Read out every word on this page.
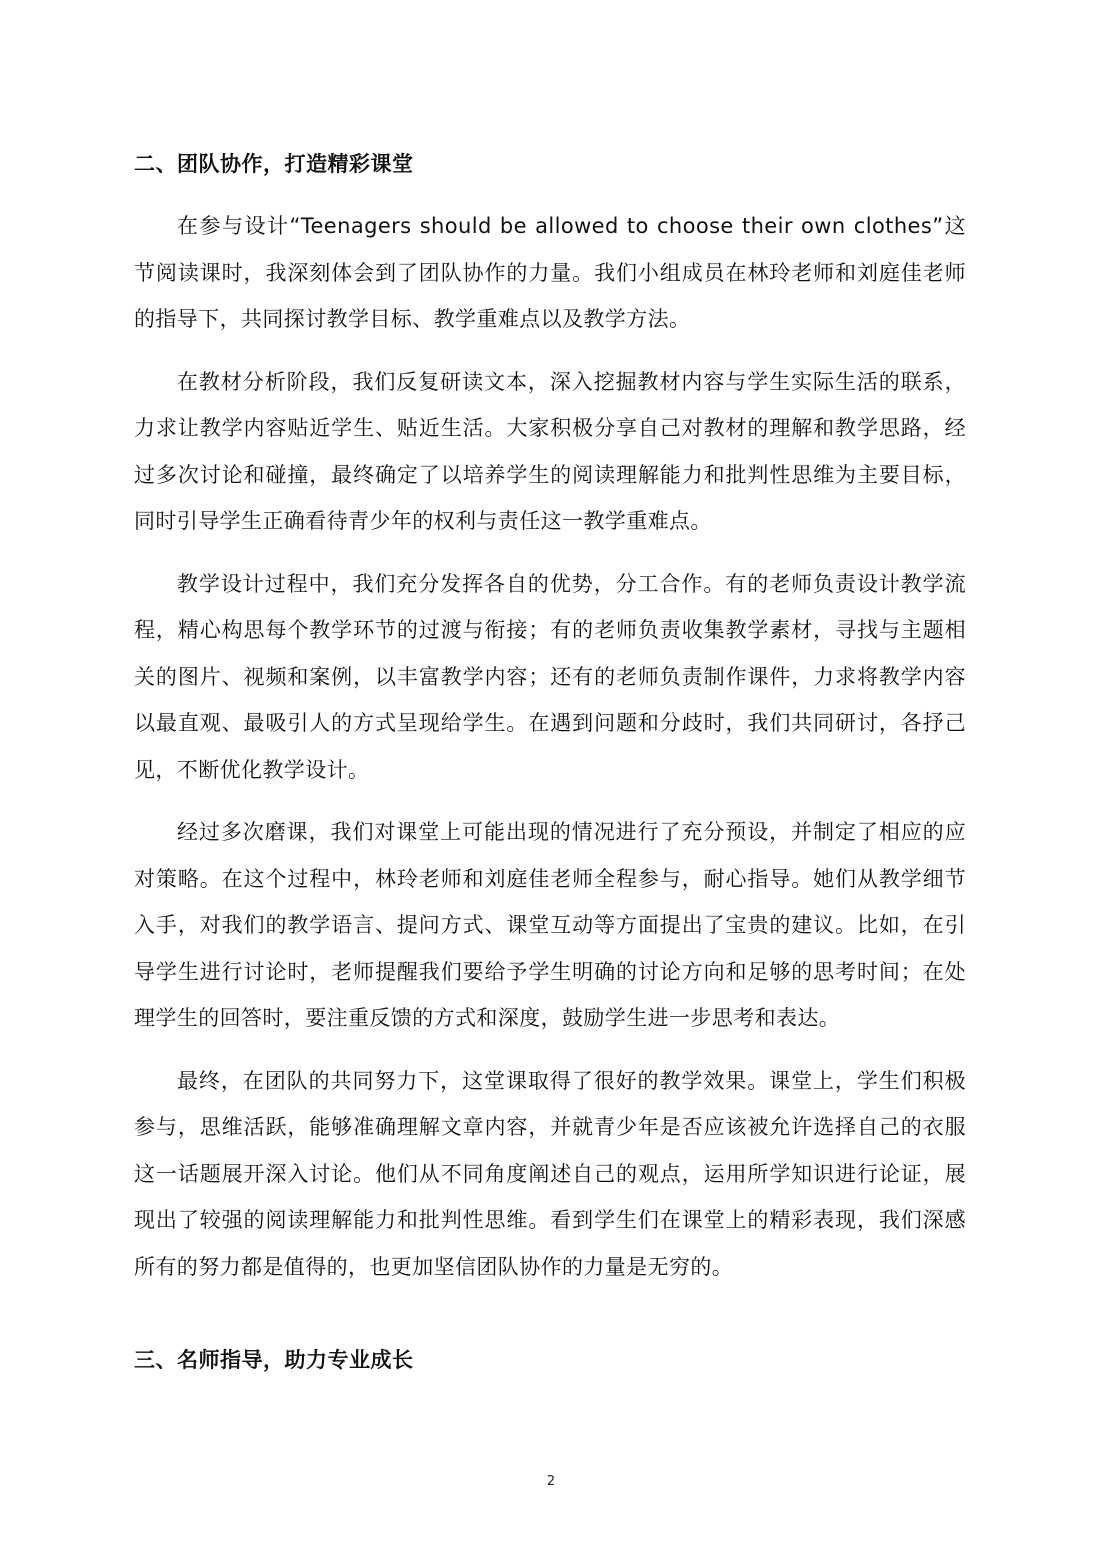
二、团队协作，打造精彩课堂

在参与设计“Teenagers should be allowed to choose their own clothes”这节阅读课时，我深刻体会到了团队协作的力量。我们小组成员在林玲老师和刘庭佳老师的指导下，共同探讨教学目标、教学重难点以及教学方法。

在教材分析阶段，我们反复研读文本，深入挖掘教材内容与学生实际生活的联系，力求让教学内容贴近学生、贴近生活。大家积极分享自己对教材的理解和教学思路，经过多次讨论和碰撞，最终确定了以培养学生的阅读理解能力和批判性思维为主要目标，同时引导学生正确看待青少年的权利与责任这一教学重难点。

教学设计过程中，我们充分发挥各自的优势，分工合作。有的老师负责设计教学流程，精心构思每个教学环节的过渡与衔接；有的老师负责收集教学素材，寻找与主题相关的图片、视频和案例，以丰富教学内容；还有的老师负责制作课件，力求将教学内容以最直观、最吸引人的方式呈现给学生。在遇到问题和分歧时，我们共同研讨，各抒己见，不断优化教学设计。

经过多次磨课，我们对课堂上可能出现的情况进行了充分预设，并制定了相应的应对策略。在这个过程中，林玲老师和刘庭佳老师全程参与，耐心指导。她们从教学细节入手，对我们的教学语言、提问方式、课堂互动等方面提出了宝贵的建议。比如，在引导学生进行讨论时，老师提醒我们要给予学生明确的讨论方向和足够的思考时间；在处理学生的回答时，要注重反馈的方式和深度，鼓励学生进一步思考和表达。

最终，在团队的共同努力下，这堂课取得了很好的教学效果。课堂上，学生们积极参与，思维活跃，能够准确理解文章内容，并就青少年是否应该被允许选择自己的衣服这一话题展开深入讨论。他们从不同角度阐述自己的观点，运用所学知识进行论证，展现出了较强的阅读理解能力和批判性思维。看到学生们在课堂上的精彩表现，我们深感所有的努力都是值得的，也更加坚信团队协作的力量是无穷的。

三、名师指导，助力专业成长
2
